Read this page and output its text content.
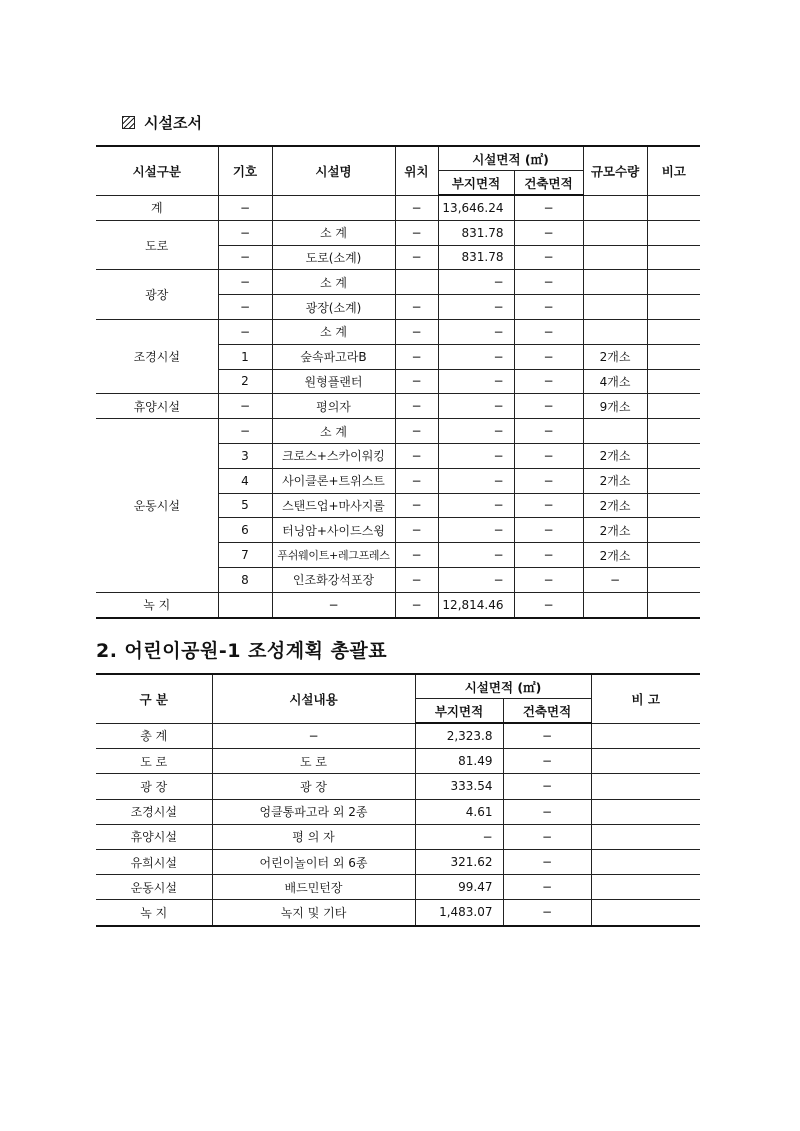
시설조서
시설구분	기호	시설명	위치	시설면적 (㎡)		규모수량	비고
				부지면적	건축면적		
계	−		−	13,646.24	−		
도로	−	소 계	−	831.78	−		
	−	도로(소계)	−	831.78	−		
광장	−	소 계		−	−		
	−	광장(소계)	−	−	−		
조경시설	−	소 계	−	−	−		
	1	숲속파고라B	−	−	−	2개소	
	2	원형플랜터	−	−	−	4개소	
휴양시설	−	평의자	−	−	−	9개소	
운동시설	−	소 계	−	−	−		
	3	크로스+스카이워킹	−	−	−	2개소	
	4	사이클론+트위스트	−	−	−	2개소	
	5	스탠드업+마사지롤	−	−	−	2개소	
	6	터닝암+사이드스윙	−	−	−	2개소	
	7	푸쉬웨이트+레그프레스	−	−	−	2개소	
	8	인조화강석포장	−	−	−	−	
녹 지		−	−	12,814.46	−		
2. 어린이공원-1 조성계획 총괄표
구 분	시설내용	시설면적 (㎡)		비 고
		부지면적	건축면적	
총 계	−	2,323.8	−	
도 로	도 로	81.49	−	
광 장	광 장	333.54	−	
조경시설	엉클통파고라 외 2종	4.61	−	
휴양시설	평 의 자	−	−	
유희시설	어린이놀이터 외 6종	321.62	−	
운동시설	배드민턴장	99.47	−	
녹 지	녹지 및 기타	1,483.07	−	
